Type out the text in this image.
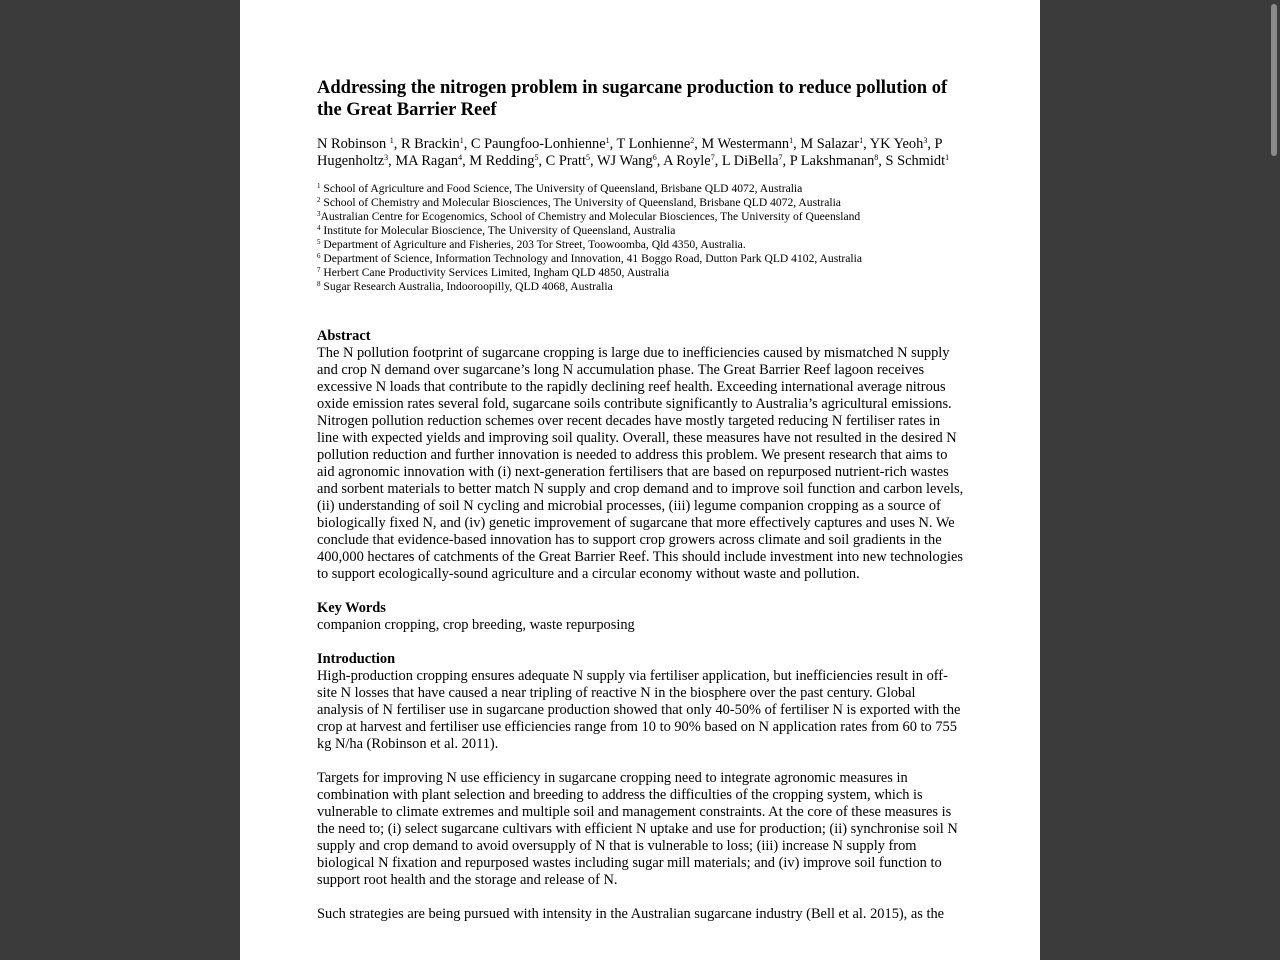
Addressing the nitrogen problem in sugarcane production to reduce pollution of the Great Barrier Reef
N Robinson $^1$, R Brackin$^1$, C Paungfoo-Lonhienne$^1$, T Lonhienne$^2$, M Westermann$^1$, M Salazar$^1$, YK Yeoh$^3$, P Hugenholtz$^3$, MA Ragan$^4$, M Redding$^5$, C Pratt$^5$, WJ Wang$^6$, A Royle$^7$, L DiBella$^7$, P Lakshmanan$^8$, S Schmidt$^1$
$^1$ School of Agriculture and Food Science, The University of Queensland, Brisbane QLD 4072, Australia
$^2$ School of Chemistry and Molecular Biosciences, The University of Queensland, Brisbane QLD 4072, Australia
$^3$Australian Centre for Ecogenomics, School of Chemistry and Molecular Biosciences, The University of Queensland
$^4$ Institute for Molecular Bioscience, The University of Queensland, Australia
$^5$ Department of Agriculture and Fisheries, 203 Tor Street, Toowoomba, Qld 4350, Australia.
$^6$ Department of Science, Information Technology and Innovation, 41 Boggo Road, Dutton Park QLD 4102, Australia
$^7$ Herbert Cane Productivity Services Limited, Ingham QLD 4850, Australia
$^8$ Sugar Research Australia, Indooroopilly, QLD 4068, Australia
Abstract
The N pollution footprint of sugarcane cropping is large due to inefficiencies caused by mismatched N supply and crop N demand over sugarcane’s long N accumulation phase. The Great Barrier Reef lagoon receives excessive N loads that contribute to the rapidly declining reef health. Exceeding international average nitrous oxide emission rates several fold, sugarcane soils contribute significantly to Australia’s agricultural emissions. Nitrogen pollution reduction schemes over recent decades have mostly targeted reducing N fertiliser rates in line with expected yields and improving soil quality. Overall, these measures have not resulted in the desired N pollution reduction and further innovation is needed to address this problem. We present research that aims to aid agronomic innovation with (i) next-generation fertilisers that are based on repurposed nutrient-rich wastes and sorbent materials to better match N supply and crop demand and to improve soil function and carbon levels, (ii) understanding of soil N cycling and microbial processes, (iii) legume companion cropping as a source of biologically fixed N, and (iv) genetic improvement of sugarcane that more effectively captures and uses N. We conclude that evidence-based innovation has to support crop growers across climate and soil gradients in the 400,000 hectares of catchments of the Great Barrier Reef. This should include investment into new technologies to support ecologically-sound agriculture and a circular economy without waste and pollution.
Key Words
companion cropping, crop breeding, waste repurposing
Introduction
High-production cropping ensures adequate N supply via fertiliser application, but inefficiencies result in off-site N losses that have caused a near tripling of reactive N in the biosphere over the past century. Global analysis of N fertiliser use in sugarcane production showed that only 40-50% of fertiliser N is exported with the crop at harvest and fertiliser use efficiencies range from 10 to 90% based on N application rates from 60 to 755 kg N/ha (Robinson et al. 2011).
Targets for improving N use efficiency in sugarcane cropping need to integrate agronomic measures in combination with plant selection and breeding to address the difficulties of the cropping system, which is vulnerable to climate extremes and multiple soil and management constraints. At the core of these measures is the need to; (i) select sugarcane cultivars with efficient N uptake and use for production; (ii) synchronise soil N supply and crop demand to avoid oversupply of N that is vulnerable to loss; (iii) increase N supply from biological N fixation and repurposed wastes including sugar mill materials; and (iv) improve soil function to support root health and the storage and release of N.
Such strategies are being pursued with intensity in the Australian sugarcane industry (Bell et al. 2015), as the
